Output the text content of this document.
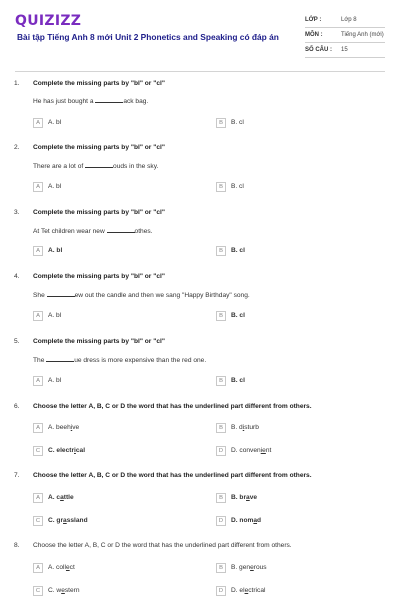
QUIZIZZ
Bài tập Tiếng Anh 8 mới Unit 2 Phonetics and Speaking có đáp án
LỚP :	Lớp 8
MÔN :	Tiếng Anh (mới)
SỐ CÂU : 15
1. Complete the missing parts by "bl" or "cl"
He has just bought a	ack bag.
A	A. bl	B	B. cl
2. Complete the missing parts by "bl" or "cl"
There are a lot of	ouds in the sky.
A	A. bl	B	B. cl
3. Complete the missing parts by "bl" or "cl"
At Tet children wear new	othes.
A	A. bl	B	B. cl
4. Complete the missing parts by "bl" or "cl"
She	ew out the candle and then we sang "Happy Birthday" song.
A	A. bl	B	B. cl
5. Complete the missing parts by "bl" or "cl"
The	ue dress is more expensive than the red one.
A	A. bl	B	B. cl
6. Choose the letter A, B, C or D the word that has the underlined part different from others.
A	A. beehive	B	B. disturb
C	C. electrical	D	D. convenient
7. Choose the letter A, B, C or D the word that has the underlined part different from others.
A	A. cattle	B	B. brave
C	C. grassland	D	D. nomad
8. Choose the letter A, B, C or D the word that has the underlined part different from others.
A	A. collect	B	B. generous
C	C. western	D	D. electrical
